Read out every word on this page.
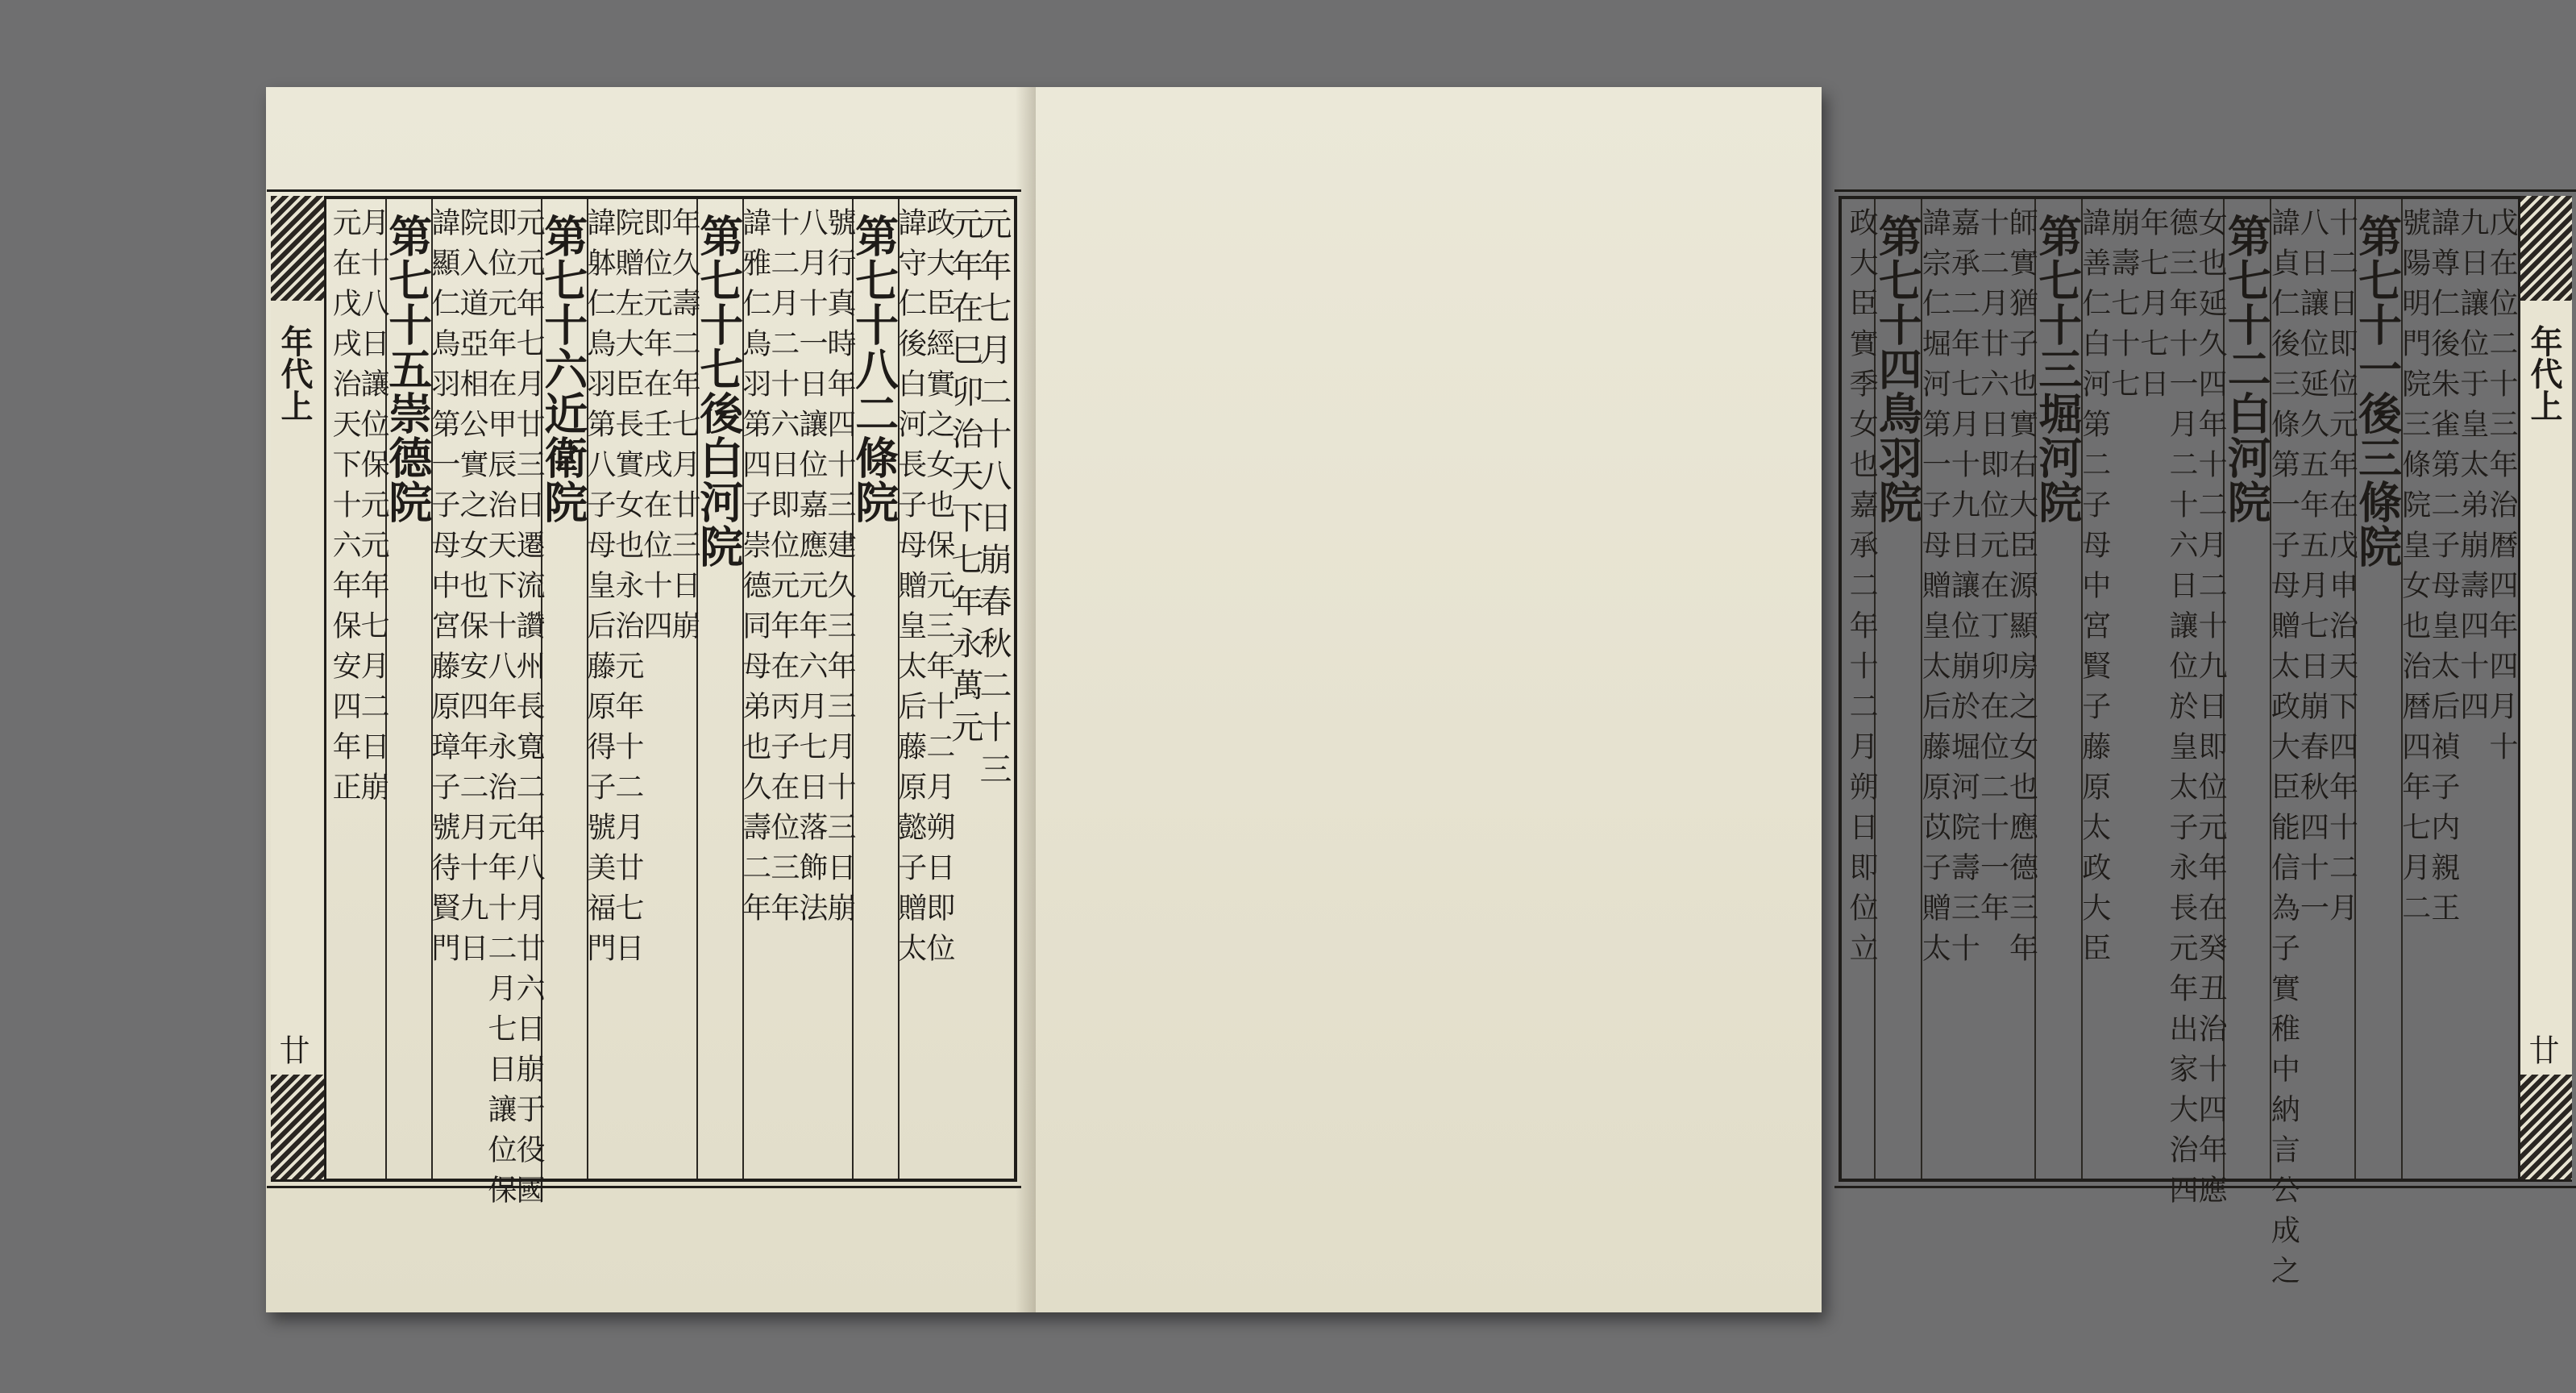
年代上
廿一
元年七月二十八日崩春秋二十三
元年在巳卯治天下七年永萬元
政大臣經實之女也保元三年十二月朔日即位
諱守仁後白河長子母贈皇太后藤原懿子贈太
第七十八二條院
號行真時年四十三建久三年三月十三日崩
八月十一日讓位嘉應元年六月七日落飾法
十二月二十六日即位元年在丙子在位三年
諱雅仁鳥羽第四子崇德同母弟也久壽二年
第七十七後白河院
年久壽二年七月廿三日崩
即位元年在壬戌在位十四
院贈左大臣長實女也永治元年十二月廿七日
諱躰仁鳥羽第八子母皇后藤原得子號美福門
第七十六近衛院
元元年七月廿三日遷流讚州長寛二年八月廿六日崩于役國
即位元年在甲辰治天下十八年永治元年十二月七日讓位保
院入道亞相公實之女也保安四年二月十九日
諱顯仁鳥羽第一子母中宮藤原璋子號待賢門
第七十五崇德院
月十八日讓位保元元年七月二日崩
元在戊戌治天下十六年保安四年正	年代上
廿
戊在位二十三年治暦四年四月十
九日讓位于皇太弟崩壽四十四
諱尊仁後朱雀第二子母皇太后禎子内親王
號陽明門院三條院皇女也治暦四年七月二
第七十一後三條院
十二日即位元年在戊申治天下四年十二月
八日讓位延久五年五月七日崩春秋四十一
諱貞仁後三條第一子母贈太政大臣能信為子實稚中納言公成之
第七十二白河院
女也延久四年十二月二十九日即位元年在癸丑治十四年應
德三年十一月二十六日讓位於皇太子永長元年出家大治四
年七月七日
崩壽七十七
諱善仁白河第二子母中宮賢子藤原太政大臣
第七十三堀河院
師實猶子也實右大臣源顯房之女也應德三年
十二月廿六日即位元在丁卯在位二十一年
嘉承二年七月十九日讓位崩於堀河院壽三十
諱宗仁堀河第一子母贈皇太后藤原苡子贈太
第七十四鳥羽院
政大臣實季女也嘉承二年十二月朔日即位立
